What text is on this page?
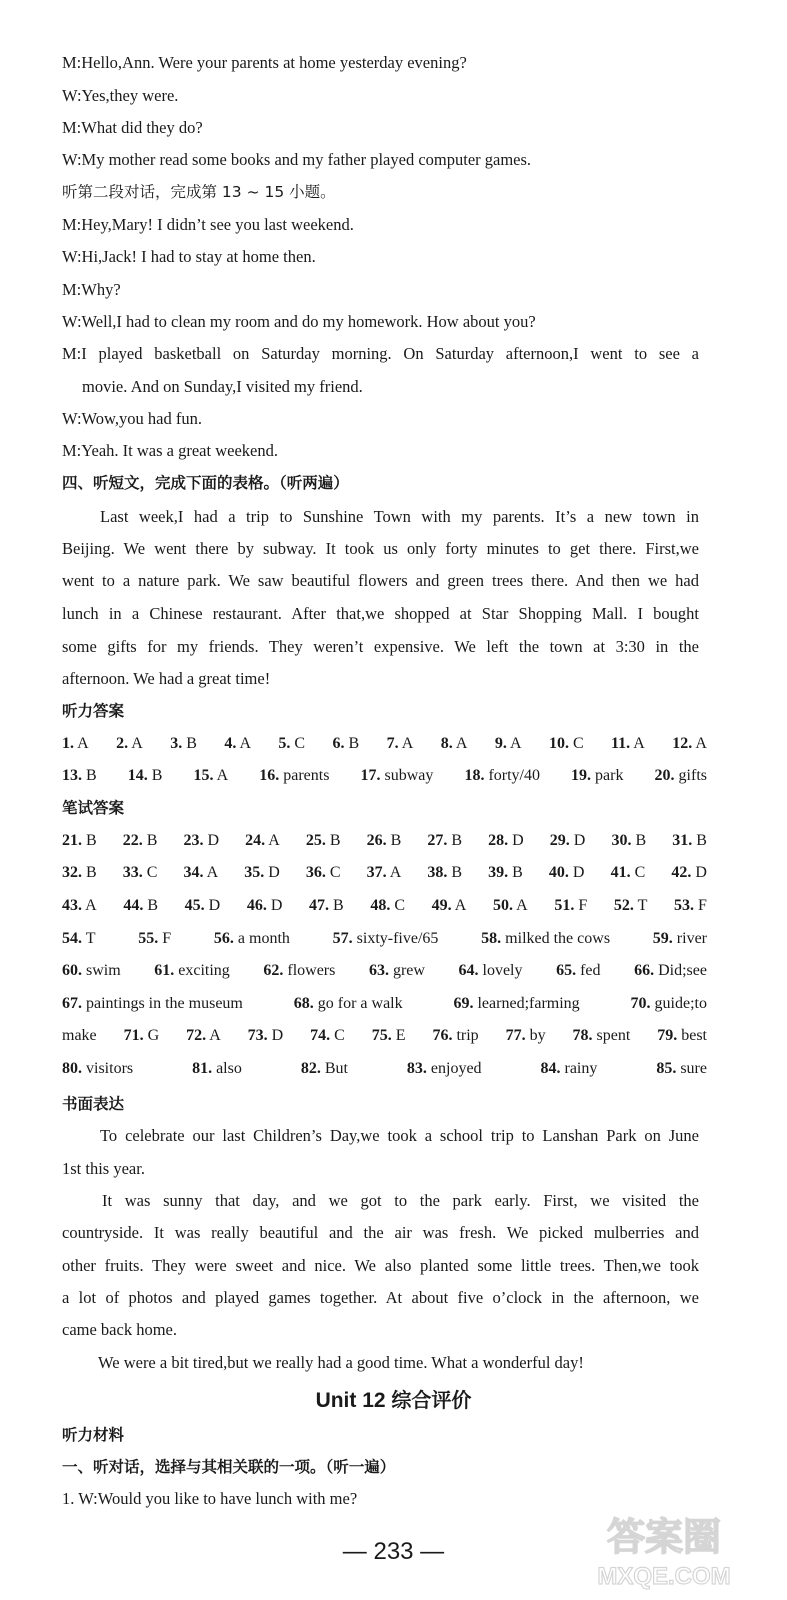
M:Hello,Ann. Were your parents at home yesterday evening?
W:Yes,they were.
M:What did they do?
W:My mother read some books and my father played computer games.
听第二段对话，完成第 13 ~ 15 小题。
M:Hey,Mary! I didn’t see you last weekend.
W:Hi,Jack! I had to stay at home then.
M:Why?
W:Well,I had to clean my room and do my homework. How about you?
M:I played basketball on Saturday morning. On Saturday afternoon,I went to see a
movie. And on Sunday,I visited my friend.
W:Wow,you had fun.
M:Yeah. It was a great weekend.
四、听短文，完成下面的表格。（听两遍）
Last week,I had a trip to Sunshine Town with my parents. It’s a new town in
Beijing. We went there by subway. It took us only forty minutes to get there. First,we
went to a nature park. We saw beautiful flowers and green trees there. And then we had
lunch in a Chinese restaurant. After that,we shopped at Star Shopping Mall. I bought
some gifts for my friends. They weren’t expensive. We left the town at 3:30 in the
afternoon. We had a great time!
听力答案
1. A 2. A 3. B 4. A 5. C 6. B 7. A 8. A 9. A 10. C 11. A 12. A
13. B 14. B 15. A 16. parents 17. subway 18. forty/40 19. park 20. gifts
笔试答案
21. B 22. B 23. D 24. A 25. B 26. B 27. B 28. D 29. D 30. B 31. B
32. B 33. C 34. A 35. D 36. C 37. A 38. B 39. B 40. D 41. C 42. D
43. A 44. B 45. D 46. D 47. B 48. C 49. A 50. A 51. F 52. T 53. F
54. T	55. F	56. a month	57. sixty-five/65	58. milked the cows	59. river
60. swim 61. exciting 62. flowers 63. grew 64. lovely 65. fed 66. Did;see
67. paintings in the museum	68. go for a walk	69. learned;farming	70. guide;to
make 71. G 72. A 73. D 74. C 75. E 76. trip 77. by 78. spent 79. best
80. visitors	81. also	82. But	83. enjoyed	84. rainy	85. sure
书面表达
To celebrate our last Children’s Day,we took a school trip to Lanshan Park on June
1st this year.
It was sunny that day, and we got to the park early. First, we visited the
countryside. It was really beautiful and the air was fresh. We picked mulberries and
other fruits. They were sweet and nice. We also planted some little trees. Then,we took
a lot of photos and played games together. At about five o’clock in the afternoon, we
came back home.
We were a bit tired,but we really had a good time. What a wonderful day!
Unit 12 综合评价
听力材料
一、听对话，选择与其相关联的一项。（听一遍）
1. W:Would you like to have lunch with me?
— 233 —	答案圈
MXQE.COM
